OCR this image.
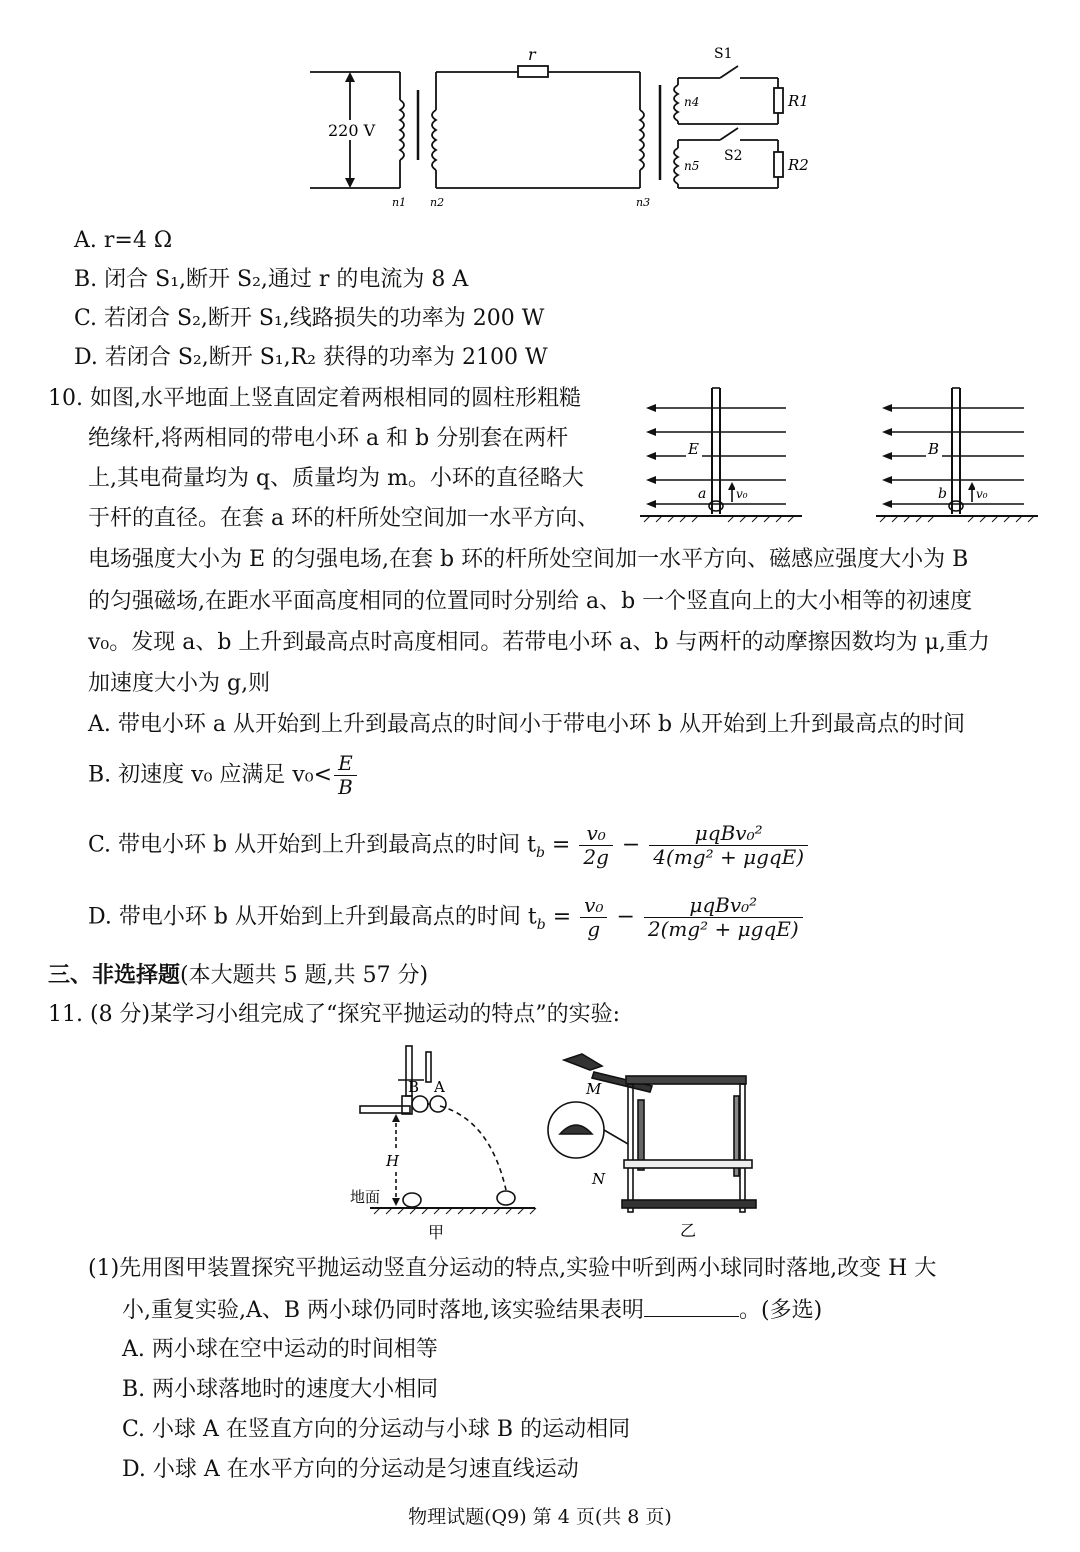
220 V
r	S1
S2
n4
n5
R1
R2
n1 n2	n3
A. r=4 Ω
B. 闭合 S₁,断开 S₂,通过 r 的电流为 8 A
C. 若闭合 S₂,断开 S₁,线路损失的功率为 200 W
D. 若闭合 S₂,断开 S₁,R₂ 获得的功率为 2100 W
10. 如图,水平地面上竖直固定着两根相同的圆柱形粗糙
绝缘杆,将两相同的带电小环 a 和 b 分别套在两杆
上,其电荷量均为 q、质量均为 m。小环的直径略大
于杆的直径。在套 a 环的杆所处空间加一水平方向、
电场强度大小为 E 的匀强电场,在套 b 环的杆所处空间加一水平方向、磁感应强度大小为 B
的匀强磁场,在距水平面高度相同的位置同时分别给 a、b 一个竖直向上的大小相等的初速度
v₀。发现 a、b 上升到最高点时高度相同。若带电小环 a、b 与两杆的动摩擦因数均为 μ,重力
加速度大小为 g,则
E
a v₀
B
b v₀
A. 带电小环 a 从开始到上升到最高点的时间小于带电小环 b 从开始到上升到最高点的时间
B. 初速度 v₀ 应满足 $v_0< \frac{E}{B}$
C. 带电小环 b 从开始到上升到最高点的时间 $t_b = \frac{\text{v₀}}{2g} - \frac{\text{μqBv₀²}}{\text{4(mg² + μgqE)}}$
D. 带电小环 b 从开始到上升到最高点的时间 $t_b = \frac{\text{v₀}}{g} - \frac{\text{μqBv₀²}}{\text{2(mg² + μgqE)}}$
三、非选择题(本大题共 5 题,共 57 分)
11. (8 分)某学习小组完成了“探究平抛运动的特点”的实验:
B A
H
地面
甲
M
N
乙
(1)先用图甲装置探究平抛运动竖直分运动的特点,实验中听到两小球同时落地,改变 H 大
小,重复实验,A、B 两小球仍同时落地,该实验结果表明	。(多选)
A. 两小球在空中运动的时间相等
B. 两小球落地时的速度大小相同
C. 小球 A 在竖直方向的分运动与小球 B 的运动相同
D. 小球 A 在水平方向的分运动是匀速直线运动
物理试题(Q9) 第 4 页(共 8 页)
